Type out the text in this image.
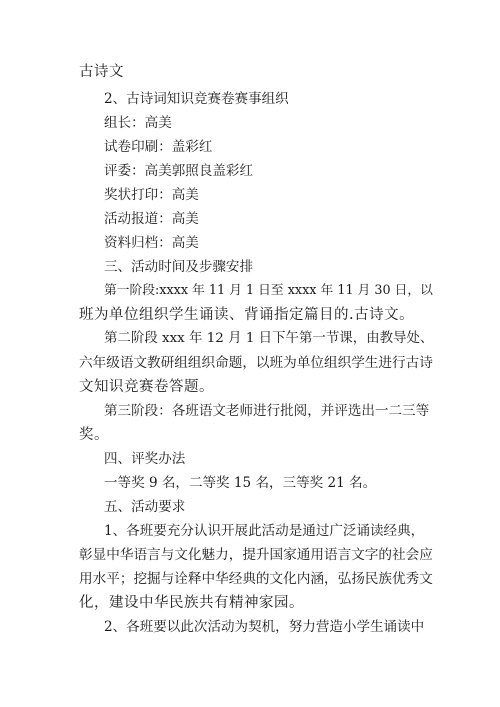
古诗文
2、古诗词知识竞赛卷赛事组织
组长：高美
试卷印刷：盖彩红
评委：高美郭照良盖彩红
奖状打印：高美
活动报道：高美
资料归档：高美
三、活动时间及步骤安排
第一阶段:xxxx 年 11 月 1 日至 xxxx 年 11 月 30 日，以
班为单位组织学生诵读、背诵指定篇目的.古诗文。
第二阶段 xxx 年 12 月 1 日下午第一节课，由教导处、
六年级语文教研组组织命题，以班为单位组织学生进行古诗
文知识竞赛卷答题。
第三阶段：各班语文老师进行批阅，并评选出一二三等
奖。
四、评奖办法
一等奖 9 名，二等奖 15 名，三等奖 21 名。
五、活动要求
1、各班要充分认识开展此活动是通过广泛诵读经典，
彰显中华语言与文化魅力，提升国家通用语言文字的社会应
用水平；挖掘与诠释中华经典的文化内涵，弘扬民族优秀文
化，建设中华民族共有精神家园。
2、各班要以此次活动为契机，努力营造小学生诵读中
